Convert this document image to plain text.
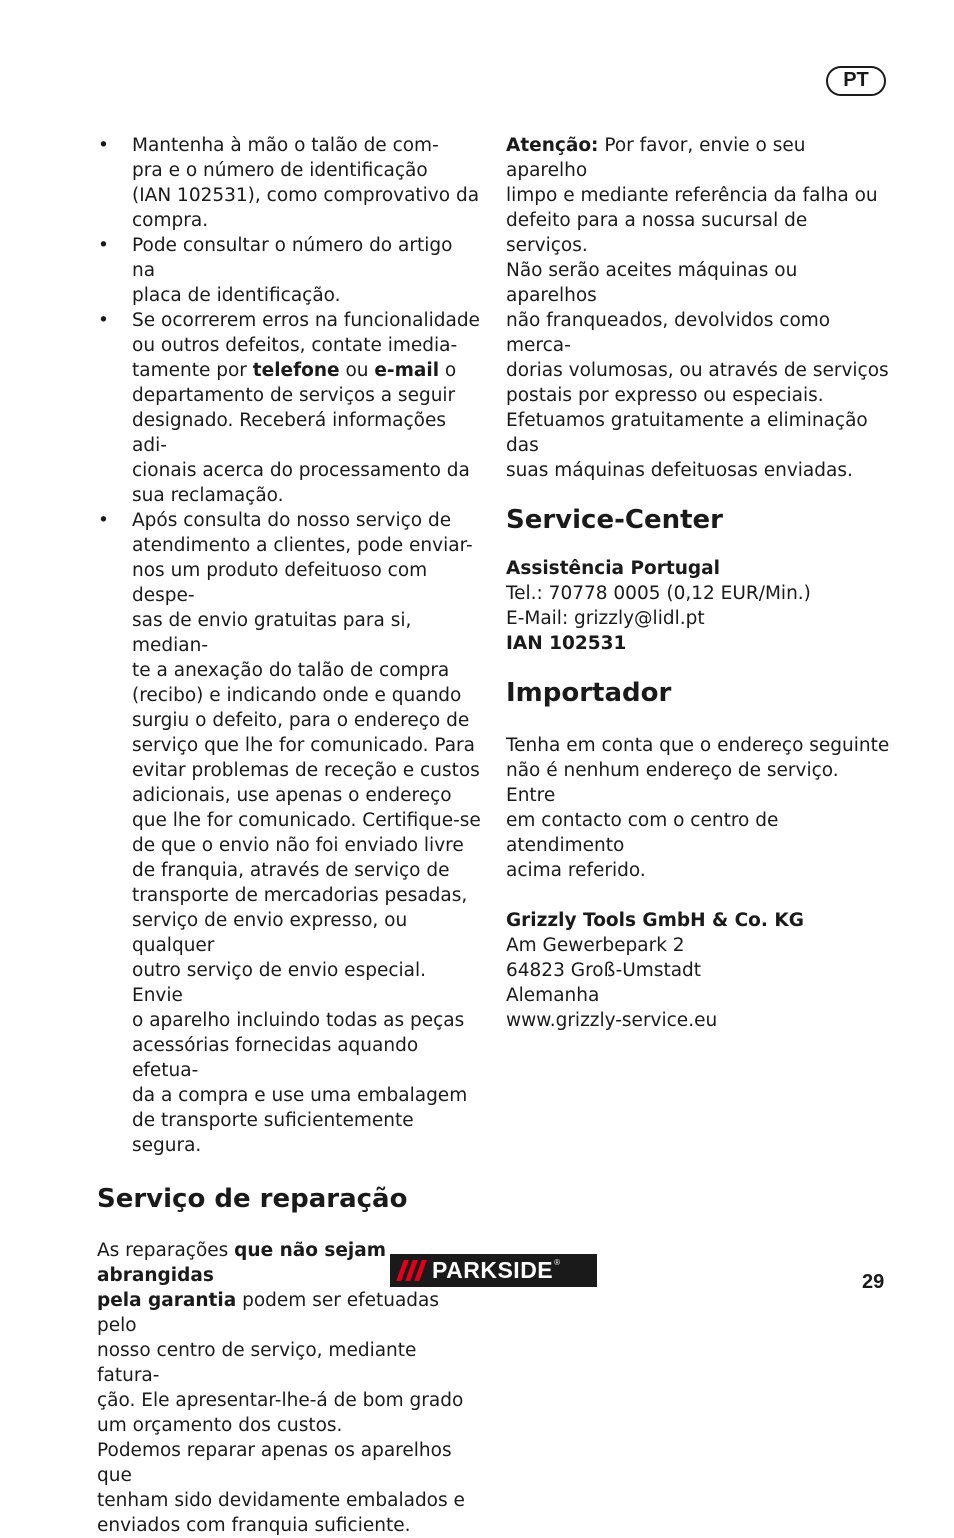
PT
• Mantenha à mão o talão de com-
pra e o número de identificação
(IAN 102531), como comprovativo da
compra.
• Pode consultar o número do artigo na
placa de identificação.
• Se ocorrerem erros na funcionalidade
ou outros defeitos, contate imedia-
tamente por telefone ou e-mail o
departamento de serviços a seguir
designado. Receberá informações adi-
cionais acerca do processamento da
sua reclamação.
• Após consulta do nosso serviço de
atendimento a clientes, pode enviar-
nos um produto defeituoso com despe-
sas de envio gratuitas para si, median-
te a anexação do talão de compra
(recibo) e indicando onde e quando
surgiu o defeito, para o endereço de
serviço que lhe for comunicado. Para
evitar problemas de receção e custos
adicionais, use apenas o endereço
que lhe for comunicado. Certifique-se
de que o envio não foi enviado livre
de franquia, através de serviço de
transporte de mercadorias pesadas,
serviço de envio expresso, ou qualquer
outro serviço de envio especial. Envie
o aparelho incluindo todas as peças
acessórias fornecidas aquando efetua-
da a compra e use uma embalagem
de transporte suficientemente segura.
Serviço de reparação

As reparações que não sejam abrangidas
pela garantia podem ser efetuadas pelo
nosso centro de serviço, mediante fatura-
ção. Ele apresentar-lhe-á de bom grado
um orçamento dos custos.

Podemos reparar apenas os aparelhos que
tenham sido devidamente embalados e
enviados com franquia suficiente.

Atenção: Por favor, envie o seu aparelho
limpo e mediante referência da falha ou
defeito para a nossa sucursal de serviços.
Não serão aceites máquinas ou aparelhos
não franqueados, devolvidos como merca-
dorias volumosas, ou através de serviços
postais por expresso ou especiais.
Efetuamos gratuitamente a eliminação das
suas máquinas defeituosas enviadas.

Service-Center

Assistência Portugal
Tel.: 70778 0005 (0,12 EUR/Min.)
E-Mail: grizzly@lidl.pt
IAN 102531

Importador

Tenha em conta que o endereço seguinte
não é nenhum endereço de serviço. Entre
em contacto com o centro de atendimento
acima referido.

Grizzly Tools GmbH & Co. KG
Am Gewerbepark 2
64823 Groß-Umstadt
Alemanha
www.grizzly-service.eu

PARKSIDE ®
29
